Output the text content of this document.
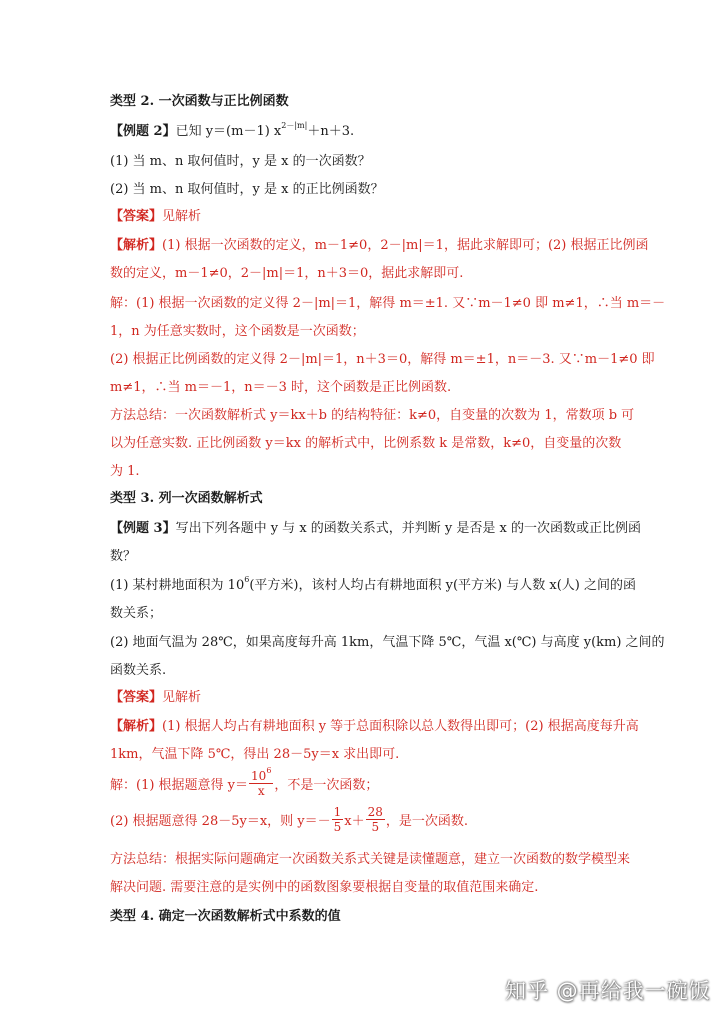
类型 2. 一次函数与正比例函数
【例题 2】已知 y＝(m－1) $x^{2-|m|}+n+3$.
(1) 当 m、n 取何值时，y 是 x 的一次函数？
(2) 当 m、n 取何值时，y 是 x 的正比例函数？
【答案】见解析
【解析】(1) 根据一次函数的定义，m－1≠0，2－|m|＝1，据此求解即可；(2) 根据正比例函
数的定义，m－1≠0，2－|m|＝1，n＋3＝0，据此求解即可.
解：(1) 根据一次函数的定义得 2－|m|＝1，解得 m＝±1. 又∵m－1≠0 即 m≠1，∴当 m＝－
1，n 为任意实数时，这个函数是一次函数；
(2) 根据正比例函数的定义得 2－|m|＝1，n＋3＝0，解得 m＝±1，n＝－3. 又∵m－1≠0 即
m≠1，∴当 m＝－1，n＝－3 时，这个函数是正比例函数.
方法总结：一次函数解析式 y＝kx＋b 的结构特征：k≠0，自变量的次数为 1，常数项 b 可
以为任意实数. 正比例函数 y＝kx 的解析式中，比例系数 k 是常数，k≠0，自变量的次数
为 1.
类型 3. 列一次函数解析式
【例题 3】写出下列各题中 y 与 x 的函数关系式，并判断 y 是否是 x 的一次函数或正比例函
数？
(1) 某村耕地面积为 $10^6$(平方米)，该村人均占有耕地面积 y(平方米) 与人数 x(人) 之间的函
数关系；
(2) 地面气温为 28℃，如果高度每升高 1km，气温下降 5℃，气温 x(℃) 与高度 y(km) 之间的
函数关系.
【答案】见解析
【解析】(1) 根据人均占有耕地面积 y 等于总面积除以总人数得出即可；(2) 根据高度每升高
1km，气温下降 5℃，得出 28－5y＝x 求出即可.
解：(1) 根据题意得 $y= \frac{10^6}{x}$ ，不是一次函数；
(2) 根据题意得 28－5y＝x，则 $y=- \frac{1}{5} x+ \frac{28}{5}$ ，是一次函数.
方法总结：根据实际问题确定一次函数关系式关键是读懂题意，建立一次函数的数学模型来
解决问题. 需要注意的是实例中的函数图象要根据自变量的取值范围来确定.
类型 4. 确定一次函数解析式中系数的值
知乎 @再给我一碗饭
